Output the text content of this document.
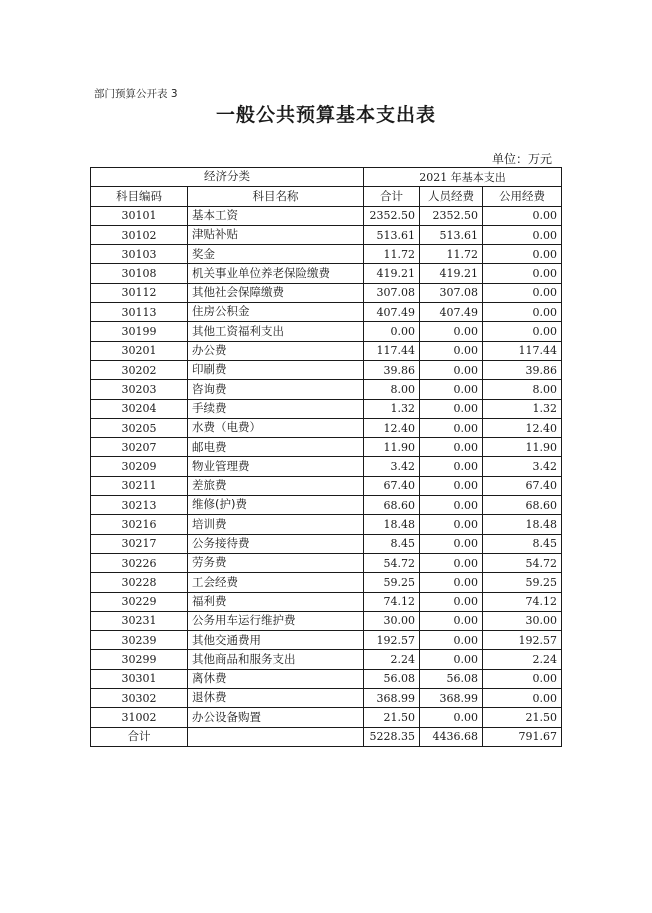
部门预算公开表 3
一般公共预算基本支出表
单位：万元
经济分类		2021 年基本支出		
科目编码	科目名称	合计	人员经费	公用经费
30101	基本工资	2352.50	2352.50	0.00
30102	津贴补贴	513.61	513.61	0.00
30103	奖金	11.72	11.72	0.00
30108	机关事业单位养老保险缴费	419.21	419.21	0.00
30112	其他社会保障缴费	307.08	307.08	0.00
30113	住房公积金	407.49	407.49	0.00
30199	其他工资福利支出	0.00	0.00	0.00
30201	办公费	117.44	0.00	117.44
30202	印刷费	39.86	0.00	39.86
30203	咨询费	8.00	0.00	8.00
30204	手续费	1.32	0.00	1.32
30205	水费（电费）	12.40	0.00	12.40
30207	邮电费	11.90	0.00	11.90
30209	物业管理费	3.42	0.00	3.42
30211	差旅费	67.40	0.00	67.40
30213	维修(护)费	68.60	0.00	68.60
30216	培训费	18.48	0.00	18.48
30217	公务接待费	8.45	0.00	8.45
30226	劳务费	54.72	0.00	54.72
30228	工会经费	59.25	0.00	59.25
30229	福利费	74.12	0.00	74.12
30231	公务用车运行维护费	30.00	0.00	30.00
30239	其他交通费用	192.57	0.00	192.57
30299	其他商品和服务支出	2.24	0.00	2.24
30301	离休费	56.08	56.08	0.00
30302	退休费	368.99	368.99	0.00
31002	办公设备购置	21.50	0.00	21.50
合计		5228.35	4436.68	791.67
